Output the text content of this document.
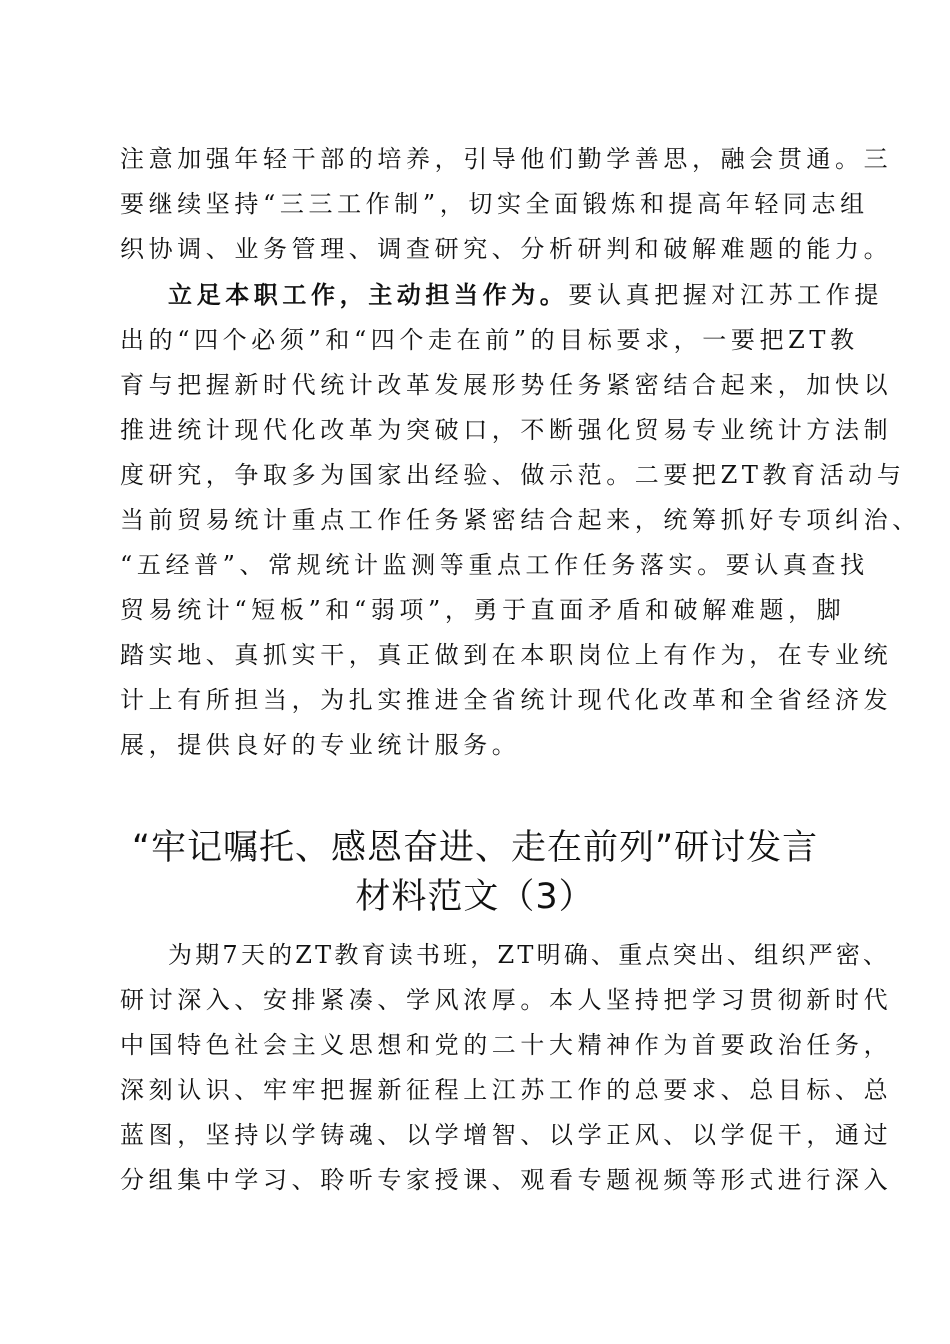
注意加强年轻干部的培养，引导他们勤学善思，融会贯通。三
要继续坚持“三三工作制”，切实全面锻炼和提高年轻同志组
织协调、业务管理、调查研究、分析研判和破解难题的能力。
立足本职工作，主动担当作为。要认真把握对江苏工作提
出的“四个必须”和“四个走在前”的目标要求，一要把ZT教
育与把握新时代统计改革发展形势任务紧密结合起来，加快以
推进统计现代化改革为突破口，不断强化贸易专业统计方法制
度研究，争取多为国家出经验、做示范。二要把ZT教育活动与
当前贸易统计重点工作任务紧密结合起来，统筹抓好专项纠治、
“五经普”、常规统计监测等重点工作任务落实。要认真查找
贸易统计“短板”和“弱项”，勇于直面矛盾和破解难题，脚
踏实地、真抓实干，真正做到在本职岗位上有作为，在专业统
计上有所担当，为扎实推进全省统计现代化改革和全省经济发
展，提供良好的专业统计服务。
“牢记嘱托、感恩奋进、走在前列”研讨发言
材料范文（3）
为期7天的ZT教育读书班，ZT明确、重点突出、组织严密、
研讨深入、安排紧凑、学风浓厚。本人坚持把学习贯彻新时代
中国特色社会主义思想和党的二十大精神作为首要政治任务，
深刻认识、牢牢把握新征程上江苏工作的总要求、总目标、总
蓝图，坚持以学铸魂、以学增智、以学正风、以学促干，通过
分组集中学习、聆听专家授课、观看专题视频等形式进行深入
